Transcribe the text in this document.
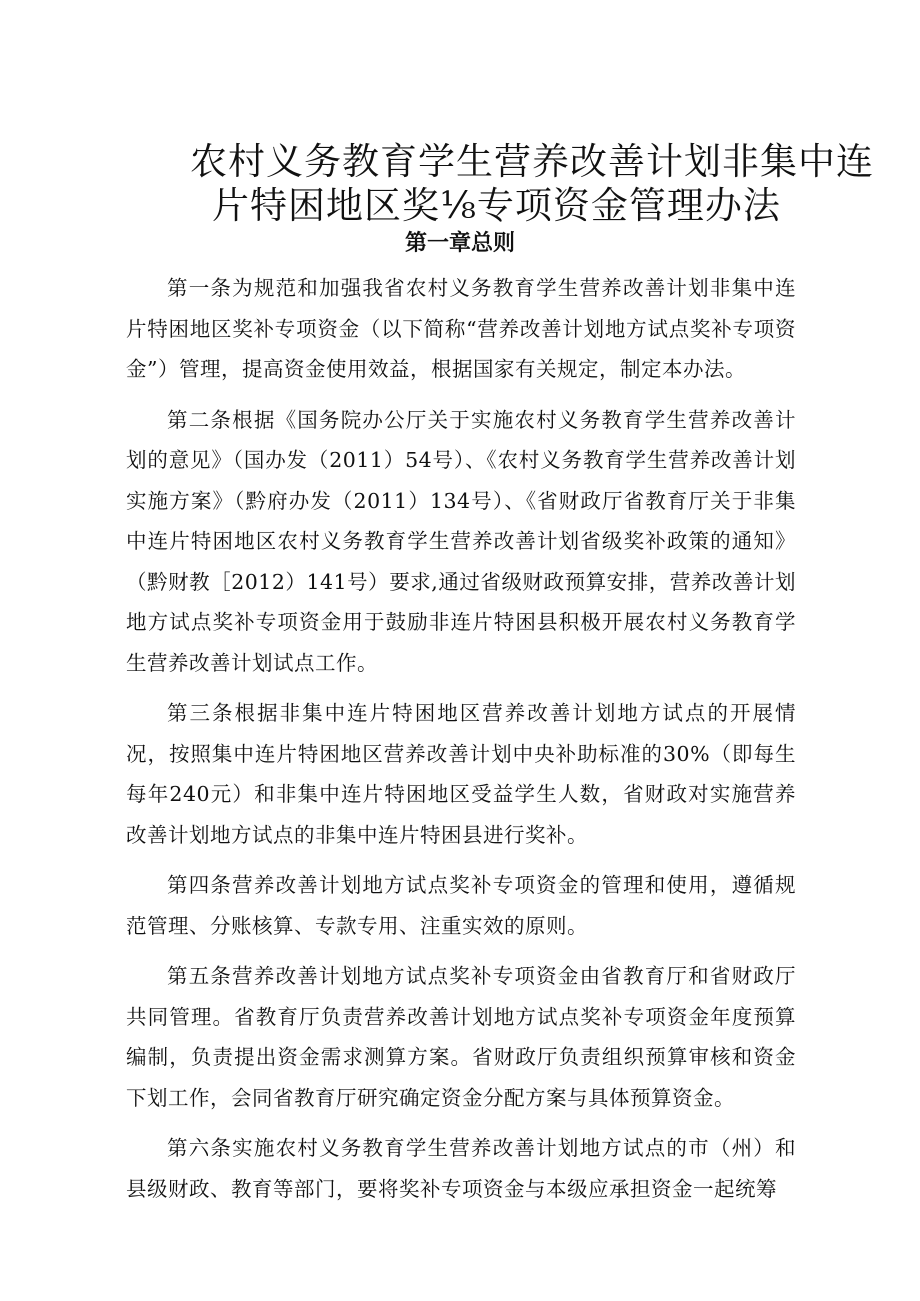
农村义务教育学生营养改善计划非集中连
片特困地区奖⅛专项资金管理办法
第一章总则

第一条为规范和加强我省农村义务教育学生营养改善计划非集中连片特困地区奖补专项资金（以下简称“营养改善计划地方试点奖补专项资金”）管理，提高资金使用效益，根据国家有关规定，制定本办法。

第二条根据《国务院办公厅关于实施农村义务教育学生营养改善计划的意见》（国办发（2011）54号）、《农村义务教育学生营养改善计划实施方案》（黔府办发（2011）134号）、《省财政厅省教育厅关于非集中连片特困地区农村义务教育学生营养改善计划省级奖补政策的通知》（黔财教［2012）141号）要求,通过省级财政预算安排，营养改善计划地方试点奖补专项资金用于鼓励非连片特困县积极开展农村义务教育学生营养改善计划试点工作。

第三条根据非集中连片特困地区营养改善计划地方试点的开展情况，按照集中连片特困地区营养改善计划中央补助标准的30%（即每生每年240元）和非集中连片特困地区受益学生人数，省财政对实施营养改善计划地方试点的非集中连片特困县进行奖补。

第四条营养改善计划地方试点奖补专项资金的管理和使用，遵循规范管理、分账核算、专款专用、注重实效的原则。

第五条营养改善计划地方试点奖补专项资金由省教育厅和省财政厅共同管理。省教育厅负责营养改善计划地方试点奖补专项资金年度预算编制，负责提出资金需求测算方案。省财政厅负责组织预算审核和资金下划工作，会同省教育厅研究确定资金分配方案与具体预算资金。

第六条实施农村义务教育学生营养改善计划地方试点的市（州）和县级财政、教育等部门，要将奖补专项资金与本级应承担资金一起统筹
